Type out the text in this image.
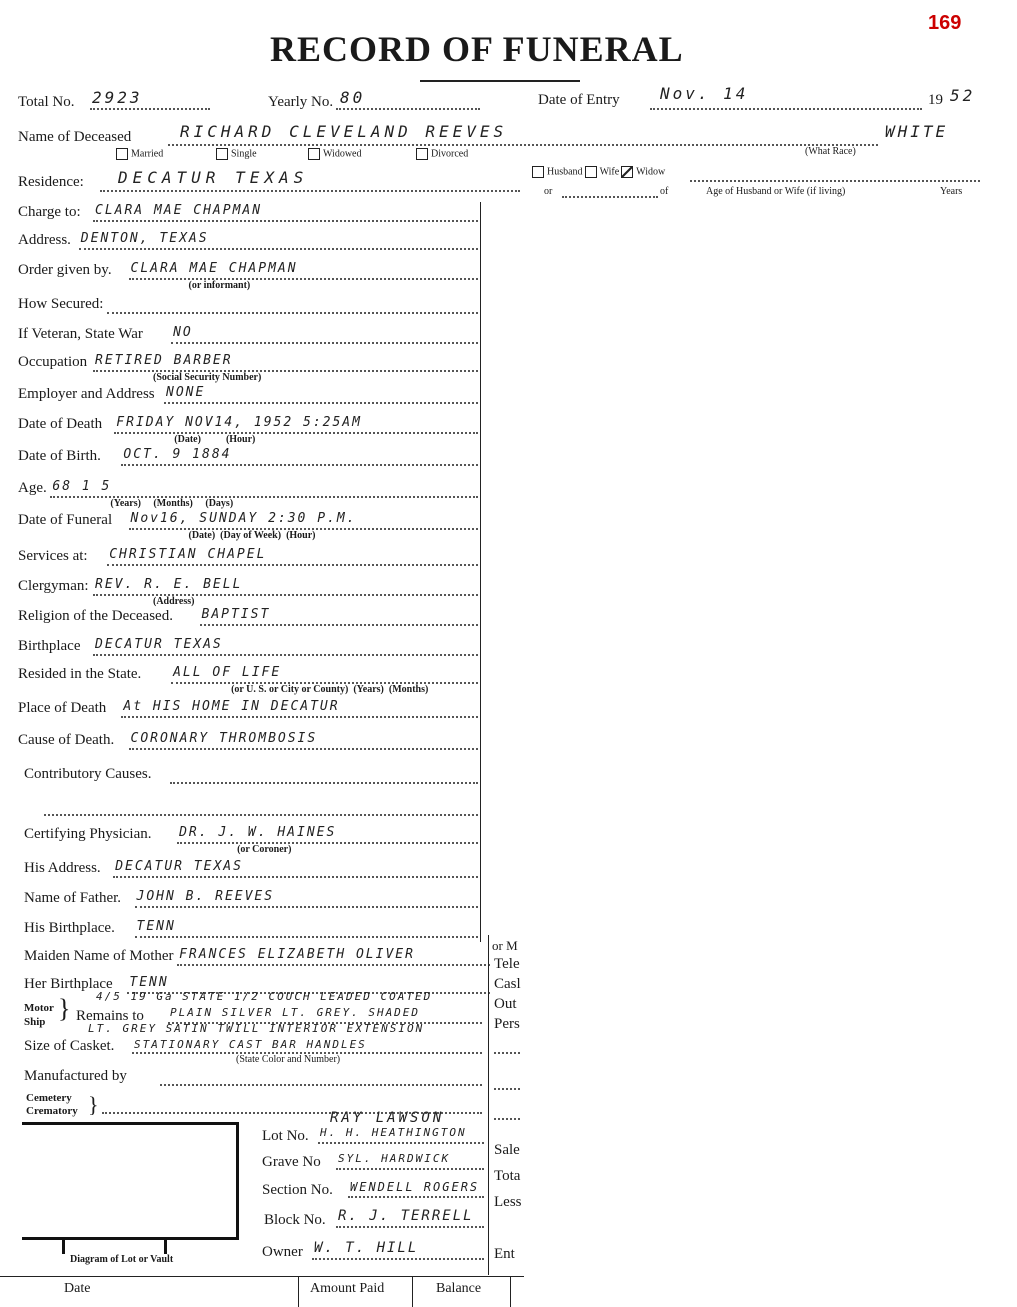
RECORD OF FUNERAL
169
Total No. 2923	Yearly No. 80	Date of Entry	Nov. 14	19 52
Name of Deceased	RICHARD CLEVELAND REEVES	WHITE
(What Race)
Married	Single	Widowed	Divorced
Residence: DECATUR TEXAS	Husband Wife Widow
or	of	Age of Husband or Wife (if living)	Years
Charge to: CLARA MAE CHAPMAN
Address. DENTON, TEXAS
Order given by. CLARA MAE CHAPMAN
(or informant)
How Secured:
If Veteran, State War NO
Occupation RETIRED BARBER
(Social Security Number)
Employer and Address NONE
Date of Death FRIDAY NOV14, 1952 5:25AM
(Date)          (Hour)
Date of Birth. OCT. 9 1884
Age. 68 1 5
(Years)     (Months)     (Days)
Date of Funeral Nov16, SUNDAY 2:30 P.M.
(Date)  (Day of Week)  (Hour)
Services at: CHRISTIAN CHAPEL
Clergyman: REV. R. E. BELL
(Address)
Religion of the Deceased. BAPTIST
Birthplace DECATUR TEXAS
Resided in the State. ALL OF LIFE
(or U. S. or City or County)  (Years)  (Months)
Place of Death At HIS HOME IN DECATUR
Cause of Death. CORONARY THROMBOSIS
Contributory Causes.
Certifying Physician. DR. J. W. HAINES
(or Coroner)
His Address. DECATUR TEXAS
Name of Father. JOHN B. REEVES
His Birthplace. TENN
Maiden Name of Mother FRANCES ELIZABETH OLIVER
Her Birthplace TENN
or M
Tele
Casl
Out
Pers
Sale
Tota
Less
Ent
Motor
Ship } 4/5 19 Ga STATE 1/2 COUCH LEADED COATED
Remains to PLAIN SILVER LT. GREY. SHADED
LT. GREY SATIN TWILL INTERIOR EXTENSION
Size of Casket. STATIONARY CAST BAR HANDLES
(State Color and Number)
Manufactured by
Cemetery
Crematory }
Diagram of Lot or Vault
RAY LAWSON
Lot No. H. H. HEATHINGTON
Grave No SYL. HARDWICK
Section No. WENDELL ROGERS
Block No. R. J. TERRELL
Owner W. T. HILL
Date	Amount Paid	Balance
